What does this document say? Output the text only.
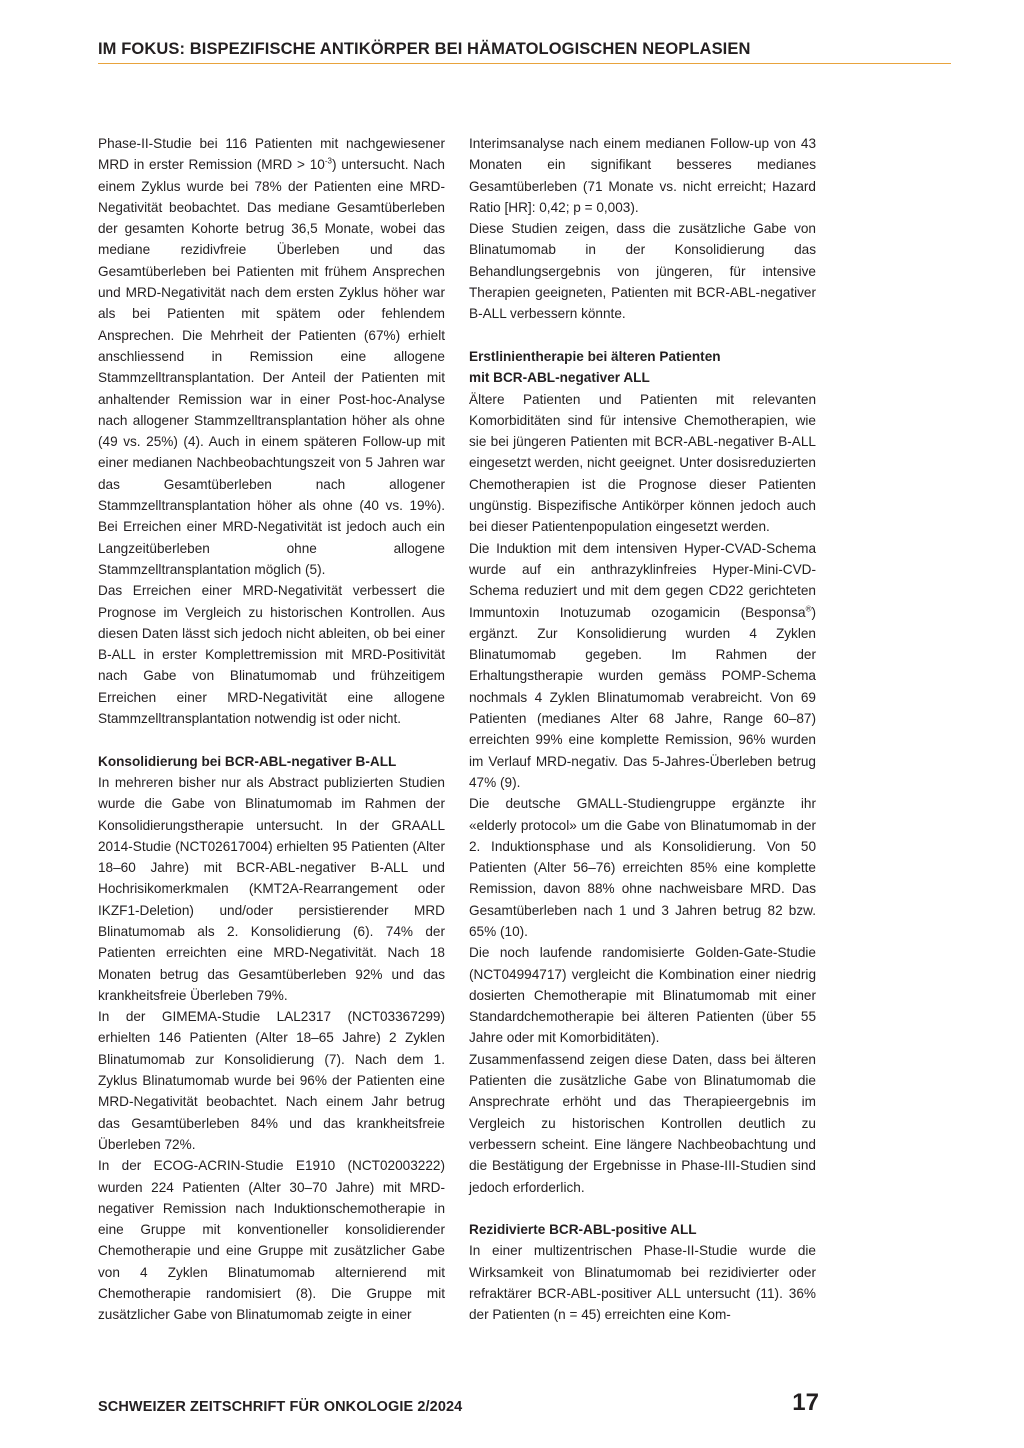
IM FOKUS: BISPEZIFISCHE ANTIKÖRPER BEI HÄMATOLOGISCHEN NEOPLASIEN

Phase-II-Studie bei 116 Patienten mit nachgewiesener MRD in erster Remission $(MRD > 10^{-3})$ untersucht. Nach einem Zyklus wurde bei 78% der Patienten eine MRD-Negativität beobachtet. Das mediane Gesamtüberleben der gesamten Kohorte betrug 36,5 Monate, wobei das mediane rezidivfreie Überleben und das Gesamtüberleben bei Patienten mit frühem Ansprechen und MRD-Negativität nach dem ersten Zyklus höher war als bei Patienten mit spätem oder fehlendem Ansprechen. Die Mehrheit der Patienten (67%) erhielt anschliessend in Remission eine allogene Stammzelltransplantation. Der Anteil der Patienten mit anhaltender Remission war in einer Post-hoc-Analyse nach allogener Stammzelltransplantation höher als ohne (49 vs. 25%) (4). Auch in einem späteren Follow-up mit einer medianen Nachbeobachtungszeit von 5 Jahren war das Gesamtüberleben nach allogener Stammzelltransplantation höher als ohne (40 vs. 19%). Bei Erreichen einer MRD-Negativität ist jedoch auch ein Langzeitüberleben ohne allogene Stammzelltransplantation möglich (5).

Das Erreichen einer MRD-Negativität verbessert die Prognose im Vergleich zu historischen Kontrollen. Aus diesen Daten lässt sich jedoch nicht ableiten, ob bei einer B-ALL in erster Komplettremission mit MRD-Positivität nach Gabe von Blinatumomab und frühzeitigem Erreichen einer MRD-Negativität eine allogene Stammzelltransplantation notwendig ist oder nicht.

Konsolidierung bei BCR-ABL-negativer B-ALL

In mehreren bisher nur als Abstract publizierten Studien wurde die Gabe von Blinatumomab im Rahmen der Konsolidierungstherapie untersucht. In der GRAALL 2014-Studie (NCT02617004) erhielten 95 Patienten (Alter 18–60 Jahre) mit BCR-ABL-negativer B-ALL und Hochrisikomerkmalen (KMT2A-Rearrangement oder IKZF1-Deletion) und/oder persistierender MRD Blinatumomab als 2. Konsolidierung (6). 74% der Patienten erreichten eine MRD-Negativität. Nach 18 Monaten betrug das Gesamtüberleben 92% und das krankheitsfreie Überleben 79%.

In der GIMEMA-Studie LAL2317 (NCT03367299) erhielten 146 Patienten (Alter 18–65 Jahre) 2 Zyklen Blinatumomab zur Konsolidierung (7). Nach dem 1. Zyklus Blinatumomab wurde bei 96% der Patienten eine MRD-Negativität beobachtet. Nach einem Jahr betrug das Gesamtüberleben 84% und das krankheitsfreie Überleben 72%.

In der ECOG-ACRIN-Studie E1910 (NCT02003222) wurden 224 Patienten (Alter 30–70 Jahre) mit MRD-negativer Remission nach Induktionschemotherapie in eine Gruppe mit konventioneller konsolidierender Chemotherapie und eine Gruppe mit zusätzlicher Gabe von 4 Zyklen Blinatumomab alternierend mit Chemotherapie randomisiert (8). Die Gruppe mit zusätzlicher Gabe von Blinatumomab zeigte in einer

Interimsanalyse nach einem medianen Follow-up von 43 Monaten ein signifikant besseres medianes Gesamtüberleben (71 Monate vs. nicht erreicht; Hazard Ratio [HR]: 0,42; p = 0,003).

Diese Studien zeigen, dass die zusätzliche Gabe von Blinatumomab in der Konsolidierung das Behandlungsergebnis von jüngeren, für intensive Therapien geeigneten, Patienten mit BCR-ABL-negativer B-ALL verbessern könnte.

Erstlinientherapie bei älteren Patienten
mit BCR-ABL-negativer ALL

Ältere Patienten und Patienten mit relevanten Komorbiditäten sind für intensive Chemotherapien, wie sie bei jüngeren Patienten mit BCR-ABL-negativer B-ALL eingesetzt werden, nicht geeignet. Unter dosisreduzierten Chemotherapien ist die Prognose dieser Patienten ungünstig. Bispezifische Antikörper können jedoch auch bei dieser Patientenpopulation eingesetzt werden.

Die Induktion mit dem intensiven Hyper-CVAD-Schema wurde auf ein anthrazyklinfreies Hyper-Mini-CVD-Schema reduziert und mit dem gegen CD22 gerichteten Immuntoxin Inotuzumab ozogamicin (Besponsa®) ergänzt. Zur Konsolidierung wurden 4 Zyklen Blinatumomab gegeben. Im Rahmen der Erhaltungstherapie wurden gemäss POMP-Schema nochmals 4 Zyklen Blinatumomab verabreicht. Von 69 Patienten (medianes Alter 68 Jahre, Range 60–87) erreichten 99% eine komplette Remission, 96% wurden im Verlauf MRD-negativ. Das 5-Jahres-Überleben betrug 47% (9).

Die deutsche GMALL-Studiengruppe ergänzte ihr «elderly protocol» um die Gabe von Blinatumomab in der 2. Induktionsphase und als Konsolidierung. Von 50 Patienten (Alter 56–76) erreichten 85% eine komplette Remission, davon 88% ohne nachweisbare MRD. Das Gesamtüberleben nach 1 und 3 Jahren betrug 82 bzw. 65% (10).

Die noch laufende randomisierte Golden-Gate-Studie (NCT04994717) vergleicht die Kombination einer niedrig dosierten Chemotherapie mit Blinatumomab mit einer Standardchemotherapie bei älteren Patienten (über 55 Jahre oder mit Komorbiditäten).

Zusammenfassend zeigen diese Daten, dass bei älteren Patienten die zusätzliche Gabe von Blinatumomab die Ansprechrate erhöht und das Therapieergebnis im Vergleich zu historischen Kontrollen deutlich zu verbessern scheint. Eine längere Nachbeobachtung und die Bestätigung der Ergebnisse in Phase-III-Studien sind jedoch erforderlich.

Rezidivierte BCR-ABL-positive ALL

In einer multizentrischen Phase-II-Studie wurde die Wirksamkeit von Blinatumomab bei rezidivierter oder refraktärer BCR-ABL-positiver ALL untersucht (11). 36% der Patienten (n = 45) erreichten eine Kom-

SCHWEIZER ZEITSCHRIFT FÜR ONKOLOGIE 2/2024	17
